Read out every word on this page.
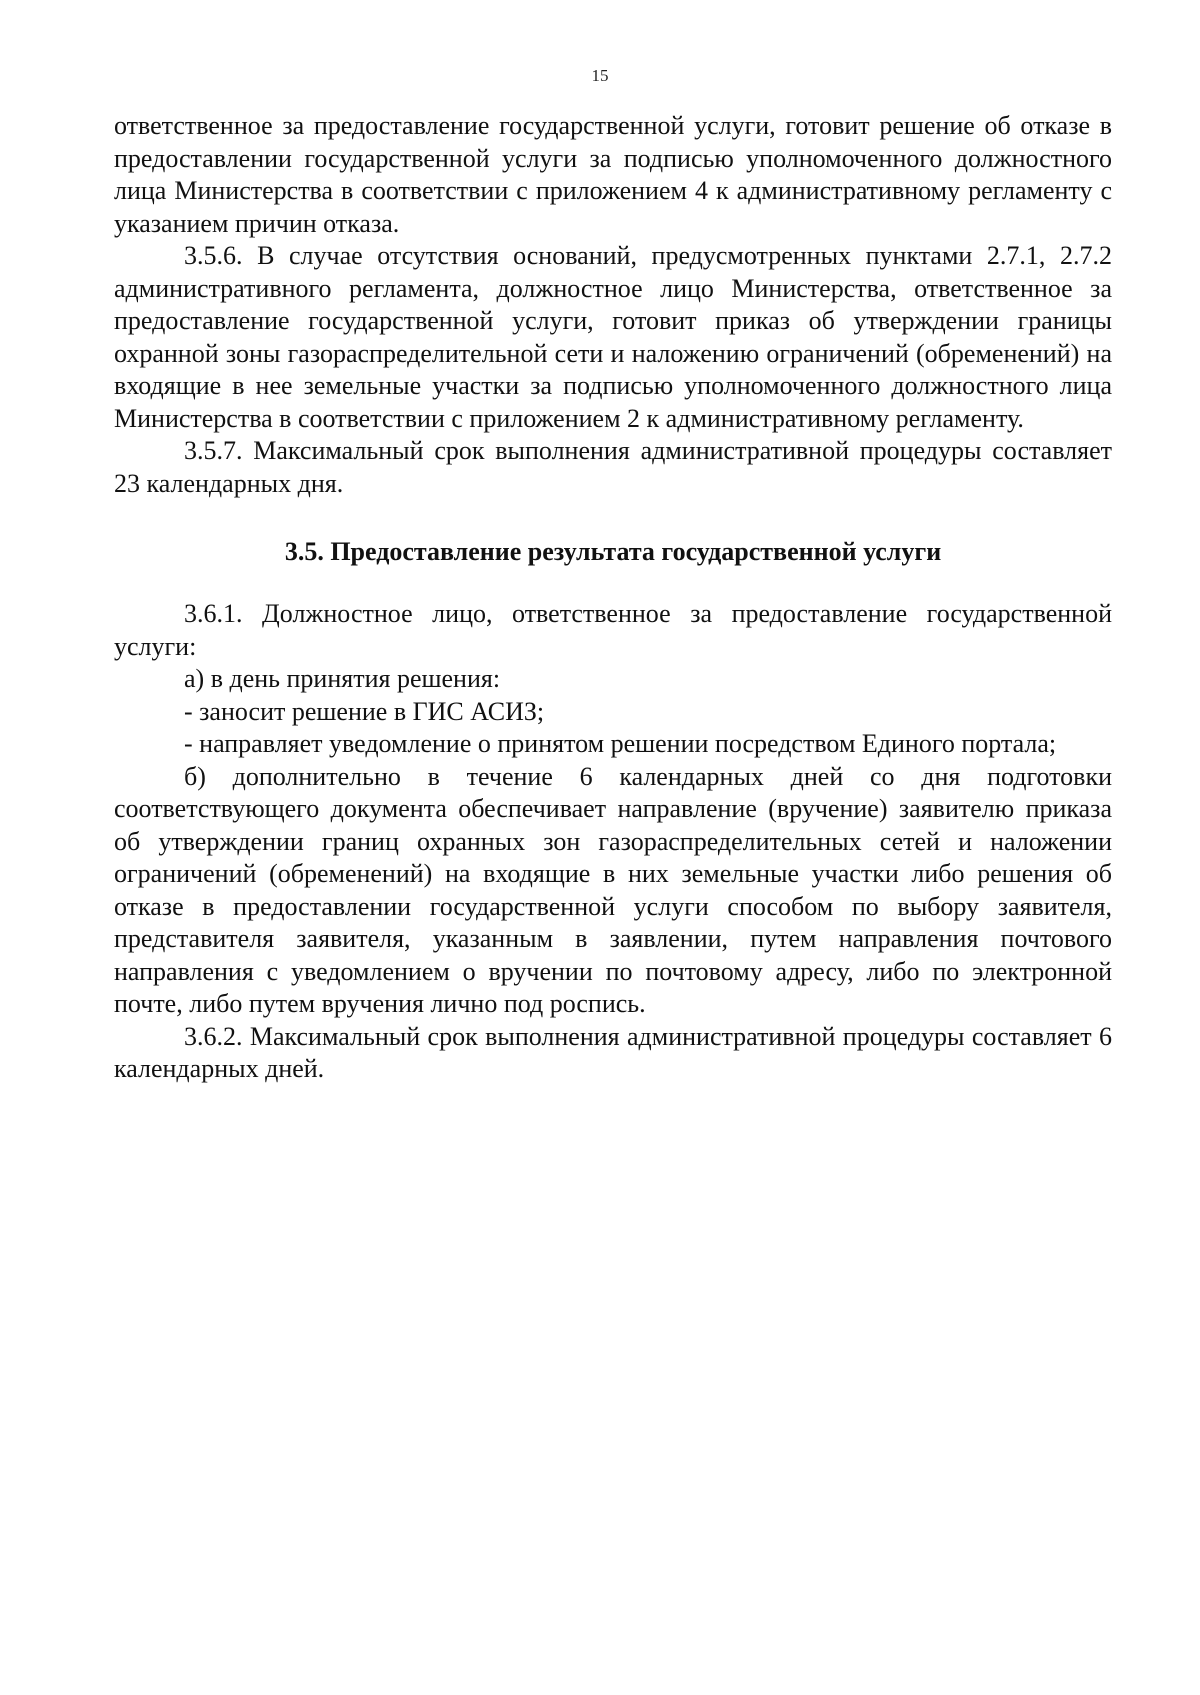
15

ответственное за предоставление государственной услуги, готовит решение об отказе в предоставлении государственной услуги за подписью уполномоченного должностного лица Министерства в соответствии с приложением 4 к административному регламенту с указанием причин отказа.

3.5.6. В случае отсутствия оснований, предусмотренных пунктами 2.7.1, 2.7.2 административного регламента, должностное лицо Министерства, ответственное за предоставление государственной услуги, готовит приказ об утверждении границы охранной зоны газораспределительной сети и наложению ограничений (обременений) на входящие в нее земельные участки за подписью уполномоченного должностного лица Министерства в соответствии с приложением 2 к административному регламенту.

3.5.7. Максимальный срок выполнения административной процедуры составляет 23 календарных дня.

3.5. Предоставление результата государственной услуги

3.6.1. Должностное лицо, ответственное за предоставление государственной услуги:

а) в день принятия решения:

- заносит решение в ГИС АСИЗ;

- направляет уведомление о принятом решении посредством Единого портала;

б) дополнительно в течение 6 календарных дней со дня подготовки соответствующего документа обеспечивает направление (вручение) заявителю приказа об утверждении границ охранных зон газораспределительных сетей и наложении ограничений (обременений) на входящие в них земельные участки либо решения об отказе в предоставлении государственной услуги способом по выбору заявителя, представителя заявителя, указанным в заявлении, путем направления почтового направления с уведомлением о вручении по почтовому адресу, либо по электронной почте, либо путем вручения лично под роспись.

3.6.2. Максимальный срок выполнения административной процедуры составляет 6 календарных дней.
